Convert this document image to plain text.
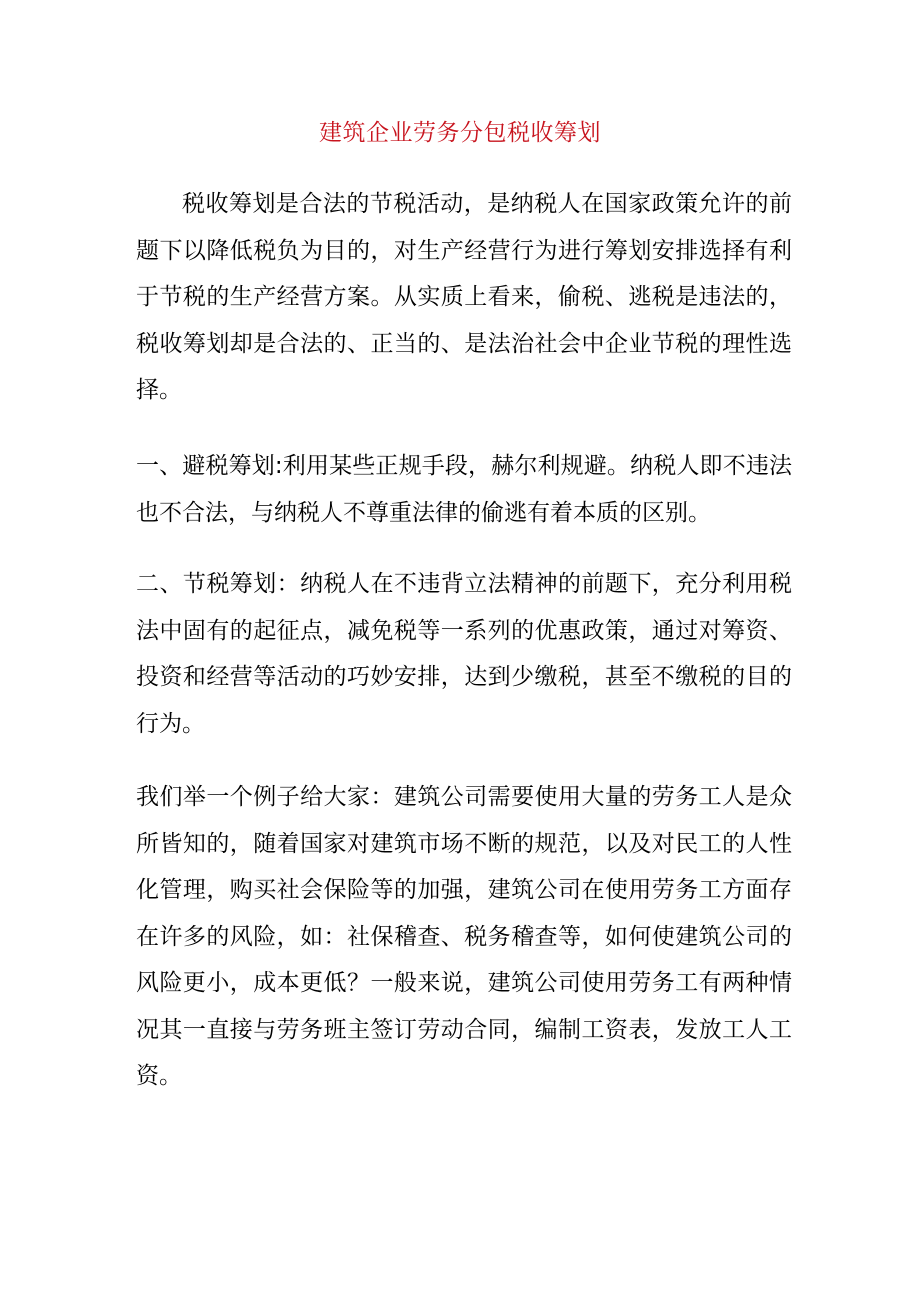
建筑企业劳务分包税收筹划

税收筹划是合法的节税活动，是纳税人在国家政策允许的前题下以降低税负为目的，对生产经营行为进行筹划安排选择有利于节税的生产经营方案。从实质上看来，偷税、逃税是违法的，税收筹划却是合法的、正当的、是法治社会中企业节税的理性选择。

一、避税筹划:利用某些正规手段，赫尔利规避。纳税人即不违法也不合法，与纳税人不尊重法律的偷逃有着本质的区别。

二、节税筹划：纳税人在不违背立法精神的前题下，充分利用税法中固有的起征点，减免税等一系列的优惠政策，通过对筹资、投资和经营等活动的巧妙安排，达到少缴税，甚至不缴税的目的行为。

我们举一个例子给大家：建筑公司需要使用大量的劳务工人是众所皆知的，随着国家对建筑市场不断的规范，以及对民工的人性化管理，购买社会保险等的加强，建筑公司在使用劳务工方面存在许多的风险，如：社保稽查、税务稽查等，如何使建筑公司的风险更小，成本更低？一般来说，建筑公司使用劳务工有两种情况其一直接与劳务班主签订劳动合同，编制工资表，发放工人工资。
